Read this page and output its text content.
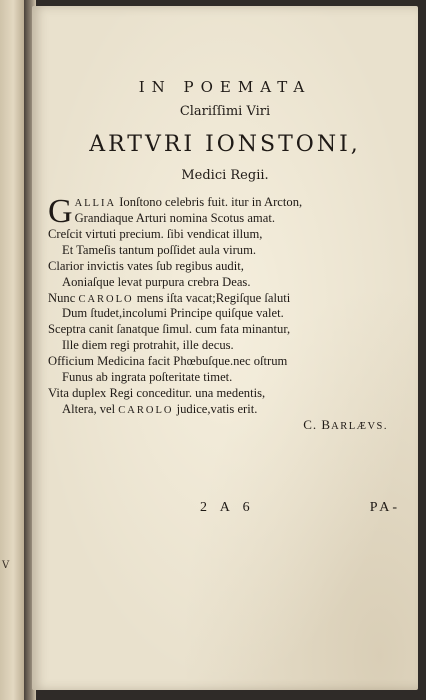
V
IN POEMATA
Clariſſimi Viri
ARTVRI IONSTONI,
Medici Regii.
G ALLIA Ionſtono celebris fuit. itur in Arcton,
Grandiaque Arturi nomina Scotus amat.
Creſcit virtuti precium. ſibi vendicat illum,
Et Tameſis tantum poſſidet aula virum.
Clarior invictis vates ſub regibus audit,
Aoniaſque levat purpura crebra Deas.
Nunc CAROLO mens iſta vacat;Regiſque ſaluti
Dum ſtudet,incolumi Principe quiſque valet.
Sceptra canit ſanatque ſimul. cum fata minantur,
Ille diem regi protrahit, ille decus.
Officium Medicina facit Phœbuſque.nec oſtrum
Funus ab ingrata poſteritate timet.
Vita duplex Regi conceditur. una medentis,
Altera, vel CAROLO judice,vatis erit.
C. BARLÆVS.
2 A 6	PA-
